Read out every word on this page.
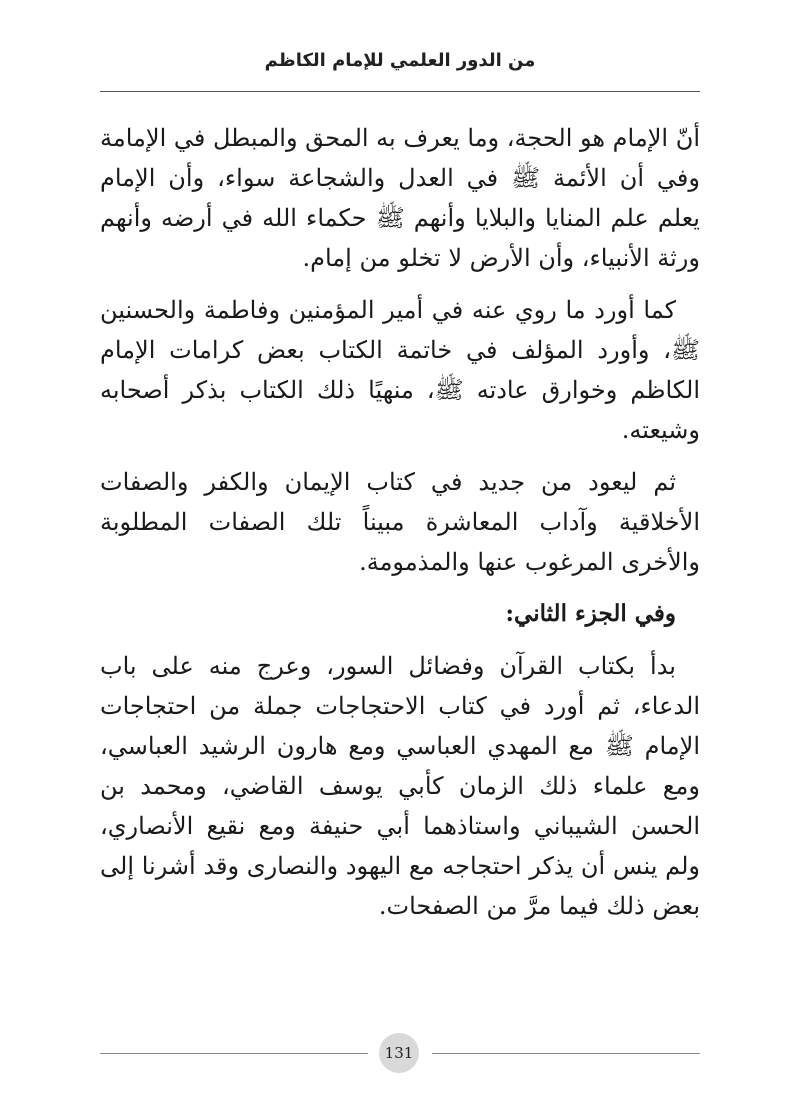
من الدور العلمي للإمام الكاظم

أنّ الإمام هو الحجة، وما يعرف به المحق والمبطل في الإمامة وفي أن الأئمة ﷺ في العدل والشجاعة سواء، وأن الإمام يعلم علم المنايا والبلايا وأنهم ﷺ حكماء الله في أرضه وأنهم ورثة الأنبياء، وأن الأرض لا تخلو من إمام.

كما أورد ما روي عنه في أمير المؤمنين وفاطمة والحسنين ﷺ، وأورد المؤلف في خاتمة الكتاب بعض كرامات الإمام الكاظم وخوارق عادته ﷺ، منهيًا ذلك الكتاب بذكر أصحابه وشيعته.

ثم ليعود من جديد في كتاب الإيمان والكفر والصفات الأخلاقية وآداب المعاشرة مبيناً تلك الصفات المطلوبة والأخرى المرغوب عنها والمذمومة.

وفي الجزء الثاني:

بدأ بكتاب القرآن وفضائل السور، وعرج منه على باب الدعاء، ثم أورد في كتاب الاحتجاجات جملة من احتجاجات الإمام ﷺ مع المهدي العباسي ومع هارون الرشيد العباسي، ومع علماء ذلك الزمان كأبي يوسف القاضي، ومحمد بن الحسن الشيباني واستاذهما أبي حنيفة ومع نقيع الأنصاري، ولم ينس أن يذكر احتجاجه مع اليهود والنصارى وقد أشرنا إلى بعض ذلك فيما مرَّ من الصفحات.

131
